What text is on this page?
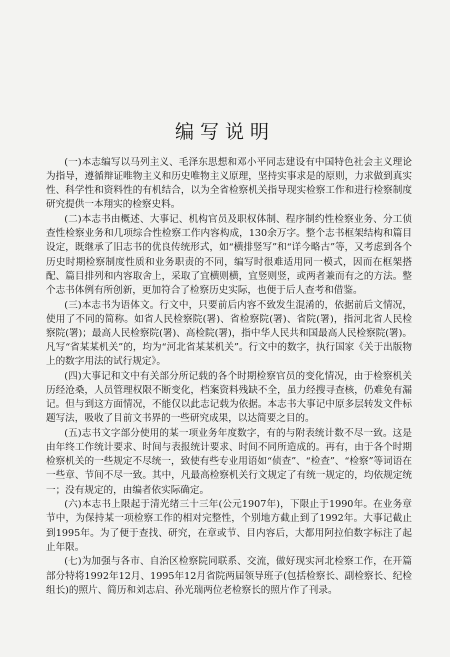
编写说明

(一)本志编写以马列主义、毛泽东思想和邓小平同志建设有中国特色社会主义理论为指导，遵循辩证唯物主义和历史唯物主义原理，坚持实事求是的原则，力求做到真实性、科学性和资料性的有机结合，以为全省检察机关指导现实检察工作和进行检察制度研究提供一本翔实的检察史料。

(二)本志书由概述、大事记、机构官员及职权体制、程序制约性检察业务、分工侦查性检察业务和几项综合性检察工作内容构成，130余万字。整个志书框架结构和篇目设定，既继承了旧志书的优良传统形式，如“横排竖写”和“详今略古”等，又考虑到各个历史时期检察制度性质和业务职责的不同，编写时很难适用同一模式，因而在框架搭配、篇目排列和内容取舍上，采取了宜横则横，宜竖则竖，或两者兼而有之的方法。整个志书体例有所创新，更加符合了检察历史实际，也便于后人查考和借鉴。

(三)本志书为语体文。行文中，只要前后内容不致发生混淆的，依据前后文情况，使用了不同的简称。如省人民检察院(署)、省检察院(署)、省院(署)，指河北省人民检察院(署)；最高人民检察院(署)、高检院(署)，指中华人民共和国最高人民检察院(署)。凡写“省某某机关”的，均为“河北省某某机关”。行文中的数字，执行国家《关于出版物上的数字用法的试行规定》。

(四)大事记和文中有关部分所记载的各个时期检察官员的变化情况，由于检察机关历经沧桑，人员管理权限不断变化，档案资料残缺不全，虽力经搜寻查核，仍难免有漏记。但与到这方面情况，不能仅以此志记载为依据。本志书大事记中原多层转发文件标题写法，吸收了目前文书界的一些研究成果，以达简要之目的。

(五)志书文字部分使用的某一项业务年度数字，有的与附表统计数不尽一致。这是由年终工作统计要求、时间与表报统计要求、时间不同所造成的。再有，由于各个时期检察机关的一些规定不尽统一，致使有些专业用语如“侦查”、“检查”、“检察”等词语在一些章、节间不尽一致。其中，凡最高检察机关行文规定了有统一规定的，均依规定统一；没有规定的，由编者依实际确定。

(六)本志书上限起于清光绪三十三年(公元1907年)，下限止于1990年。在业务章节中，为保持某一项检察工作的相对完整性，个别地方截止到了1992年。大事记截止到1995年。为了便于查找、研究，在章或节、目内容后，大都用阿拉伯数字标注了起止年限。

(七)为加强与各市、自治区检察院同联系、交流，做好现实河北检察工作，在开篇部分特将1992年12月、1995年12月省院两届领导班子(包括检察长、副检察长、纪检组长)的照片、简历和刘志启、孙光瑞两位老检察长的照片作了刊录。
